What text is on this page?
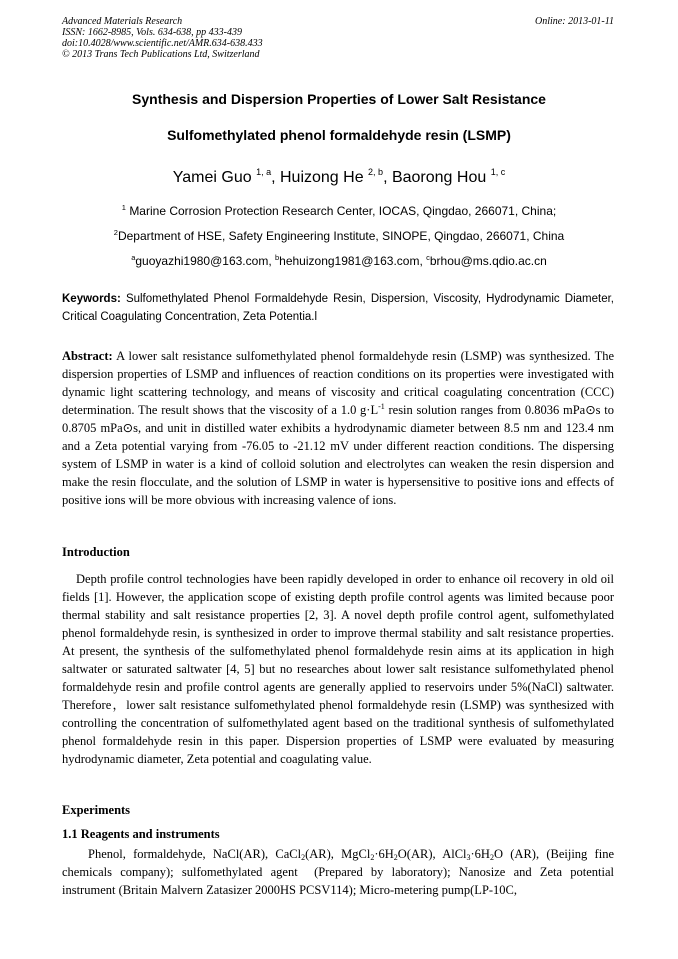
Advanced Materials Research
ISSN: 1662-8985, Vols. 634-638, pp 433-439
doi:10.4028/www.scientific.net/AMR.634-638.433
© 2013 Trans Tech Publications Ltd, Switzerland
Online: 2013-01-11
Synthesis and Dispersion Properties of Lower Salt Resistance
Sulfomethylated phenol formaldehyde resin (LSMP)
Yamei Guo $^{1, a}$, Huizong He $^{2, b}$, Baorong Hou $^{1, c}$
$^1$ Marine Corrosion Protection Research Center, IOCAS, Qingdao, 266071, China;
$^2$Department of HSE, Safety Engineering Institute, SINOPE, Qingdao, 266071, China
$^a$guoyazhi1980@163.com, $^b$hehuizong1981@163.com, $^c$brhou@ms.qdio.ac.cn
Keywords: Sulfomethylated Phenol Formaldehyde Resin, Dispersion, Viscosity, Hydrodynamic Diameter, Critical Coagulating Concentration, Zeta Potentia.l
Abstract: A lower salt resistance sulfomethylated phenol formaldehyde resin (LSMP) was synthesized. The dispersion properties of LSMP and influences of reaction conditions on its properties were investigated with dynamic light scattering technology, and means of viscosity and critical coagulating concentration (CCC) determination. The result shows that the viscosity of a 1.0 $g\cdot L^{-1}$ resin solution ranges from 0.8036 mPa⊙s to 0.8705 mPa⊙s, and unit in distilled water exhibits a hydrodynamic diameter between 8.5 nm and 123.4 nm and a Zeta potential varying from -76.05 to -21.12 mV under different reaction conditions. The dispersing system of LSMP in water is a kind of colloid solution and electrolytes can weaken the resin dispersion and make the resin flocculate, and the solution of LSMP in water is hypersensitive to positive ions and effects of positive ions will be more obvious with increasing valence of ions.
Introduction
Depth profile control technologies have been rapidly developed in order to enhance oil recovery in old oil fields [1]. However, the application scope of existing depth profile control agents was limited because poor thermal stability and salt resistance properties [2, 3]. A novel depth profile control agent, sulfomethylated phenol formaldehyde resin, is synthesized in order to improve thermal stability and salt resistance properties. At present, the synthesis of the sulfomethylated phenol formaldehyde resin aims at its application in high saltwater or saturated saltwater [4, 5] but no researches about lower salt resistance sulfomethylated phenol formaldehyde resin and profile control agents are generally applied to reservoirs under 5%(NaCl) saltwater. Therefore，lower salt resistance sulfomethylated phenol formaldehyde resin (LSMP) was synthesized with controlling the concentration of sulfomethylated agent based on the traditional synthesis of sulfomethylated phenol formaldehyde resin in this paper. Dispersion properties of LSMP were evaluated by measuring hydrodynamic diameter, Zeta potential and coagulating value.
Experiments
1.1 Reagents and instruments
Phenol, formaldehyde, NaCl(AR), CaCl$_2$(AR), $MgCl_2\cdot 6H_2O(AR)$, $AlCl_3\cdot 6H_2O$ (AR), (Beijing fine chemicals company); sulfomethylated agent  (Prepared by laboratory); Nanosize and Zeta potential instrument (Britain Malvern Zatasizer 2000HS PCSV114); Micro-metering pump(LP-10C,
